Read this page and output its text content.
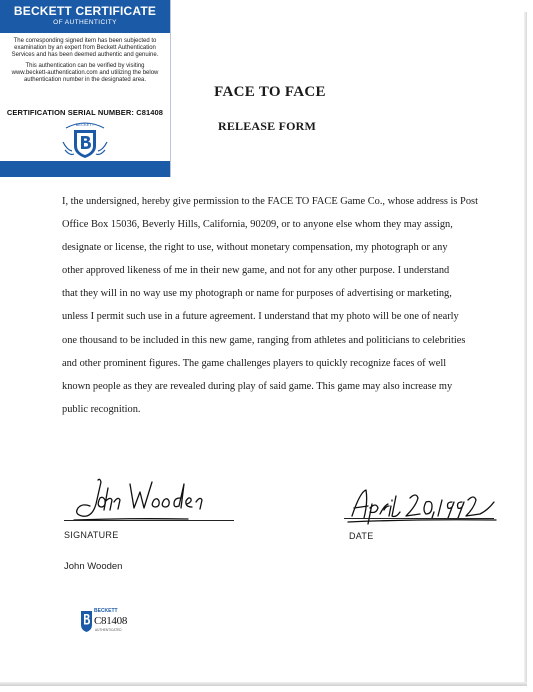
BECKETT CERTIFICATE
OF AUTHENTICITY

The corresponding signed item has been subjected to examination by an expert from Beckett Authentication Services and has been deemed authentic and genuine.

This authentication can be verified by visiting www.beckett-authentication.com and utilizing the below authentication number in the designated area.

CERTIFICATION SERIAL NUMBER: C81408
BECKETT
FACE TO FACE
RELEASE FORM
I, the undersigned, hereby give permission to the FACE TO FACE Game Co., whose address is Post
Office Box 15036, Beverly Hills, California, 90209, or to anyone else whom they may assign,
designate or license, the right to use, without monetary compensation, my photograph or any
other approved likeness of me in their new game, and not for any other purpose. I understand
that they will in no way use my photograph or name for purposes of advertising or marketing,
unless I permit such use in a future agreement. I understand that my photo will be one of nearly
one thousand to be included in this new game, ranging from athletes and politicians to celebrities
and other prominent figures. The game challenges players to quickly recognize faces of well
known people as they are revealed during play of said game. This game may also increase my
public recognition.
SIGNATURE	DATE
John Wooden
BECKETT
C81408
AUTHENTICATED
